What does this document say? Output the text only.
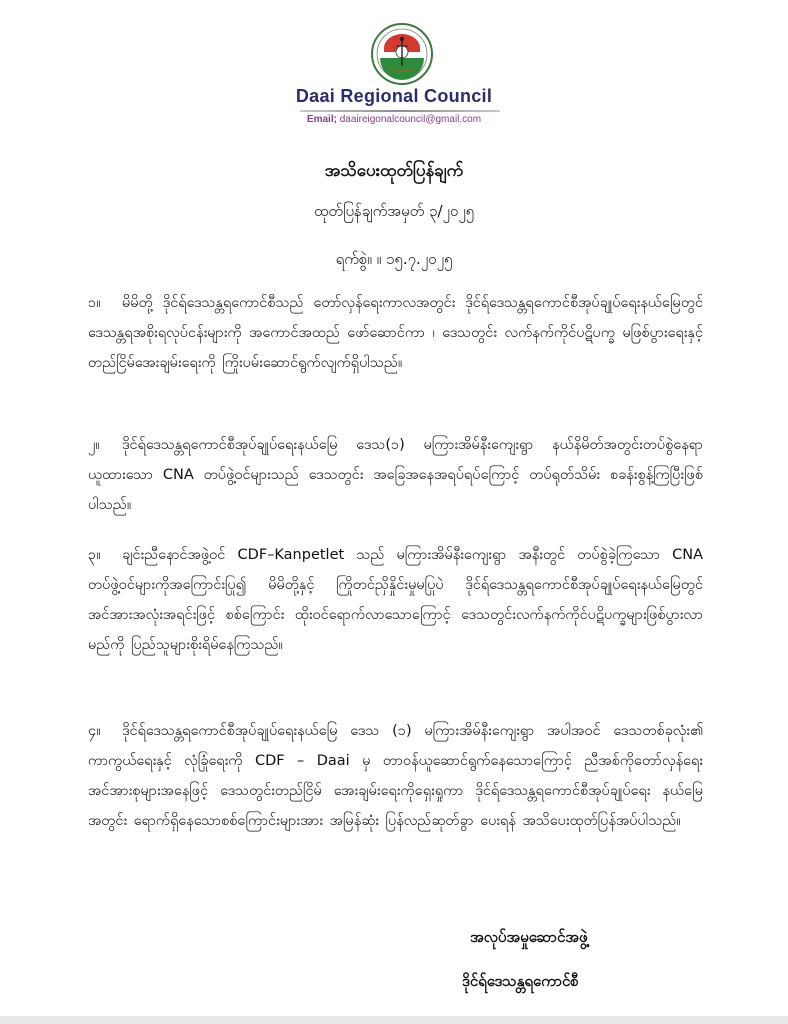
Daai Regional Council
Email; daaireigonalcouncil@gmail.com
အသိပေးထုတ်ပြန်ချက်
ထုတ်ပြန်ချက်အမှတ် ၃/၂၀၂၅
ရက်စွဲ။ ။ ၁၅.၇.၂၀၂၅
၁။ မိမိတို့ ဒိုင်ရ်ဒေသန္တရကောင်စီသည် တော်လှန်ရေးကာလအတွင်း ဒိုင်ရ်ဒေသန္တရကောင်စီအုပ်ချုပ်ရေးနယ်မြေတွင် ဒေသန္တရအစိုးရလုပ်ငန်းများကို အကောင်အထည် ဖော်ဆောင်ကာ ၊ ဒေသတွင်း လက်နက်ကိုင်ပဋိပက္ခ မဖြစ်ပွားရေးနှင့် တည်ငြိမ်အေးချမ်းရေးကို ကြိုးပမ်းဆောင်ရွက်လျက်ရှိပါသည်။
၂။ ဒိုင်ရ်ဒေသန္တရကောင်စီအုပ်ချုပ်ရေးနယ်မြေ ဒေသ(၁) မကြားအိမ်နီးကျေးရွာ နယ်နိမိတ်အတွင်းတပ်စွဲနေရာယူထားသော CNA တပ်ဖွဲ့ဝင်များသည် ဒေသတွင်း အခြေအနေအရပ်ရပ်ကြောင့် တပ်ရုတ်သိမ်း စခန်းစွန့်ကြပြီးဖြစ်ပါသည်။
၃။ ချင်းညီနောင်အဖွဲ့ဝင် CDF–Kanpetlet သည် မကြားအိမ်နီးကျေးရွာ အနီးတွင် တပ်စွဲခဲ့ကြသော CNA တပ်ဖွဲ့ဝင်များကိုအကြောင်းပြု၍ မိမိတို့နှင့် ကြိုတင်ညှိနှိုင်းမှုမပြုပဲ ဒိုင်ရ်ဒေသန္တရကောင်စီအုပ်ချုပ်ရေးနယ်မြေတွင် အင်အားအလုံးအရင်းဖြင့် စစ်ကြောင်း ထိုးဝင်ရောက်လာသောကြောင့် ဒေသတွင်းလက်နက်ကိုင်ပဋိပက္ခများဖြစ်ပွားလာ မည်ကို ပြည်သူများစိုးရိမ်နေကြသည်။
၄။ ဒိုင်ရ်ဒေသန္တရကောင်စီအုပ်ချုပ်ရေးနယ်မြေ ဒေသ (၁) မကြားအိမ်နီးကျေးရွာ အပါအဝင် ဒေသတစ်ခုလုံး၏ ကာကွယ်ရေးနှင့် လုံခြုံရေးကို CDF – Daai မှ တာဝန်ယူဆောင်ရွက်နေသောကြောင့် ညီအစ်ကိုတော်လှန်ရေး အင်အားစုများအနေဖြင့် ဒေသတွင်းတည်ငြိမ် အေးချမ်းရေးကိုရှေးရှုကာ ဒိုင်ရ်ဒေသန္တရကောင်စီအုပ်ချုပ်ရေး နယ်မြေအတွင်း ရောက်ရှိနေသောစစ်ကြောင်းများအား အမြန်ဆုံး ပြန်လည်ဆုတ်ခွာ ပေးရန် အသိပေးထုတ်ပြန်အပ်ပါသည်။
အလုပ်အမှုဆောင်အဖွဲ့
ဒိုင်ရ်ဒေသန္တရကောင်စီ
